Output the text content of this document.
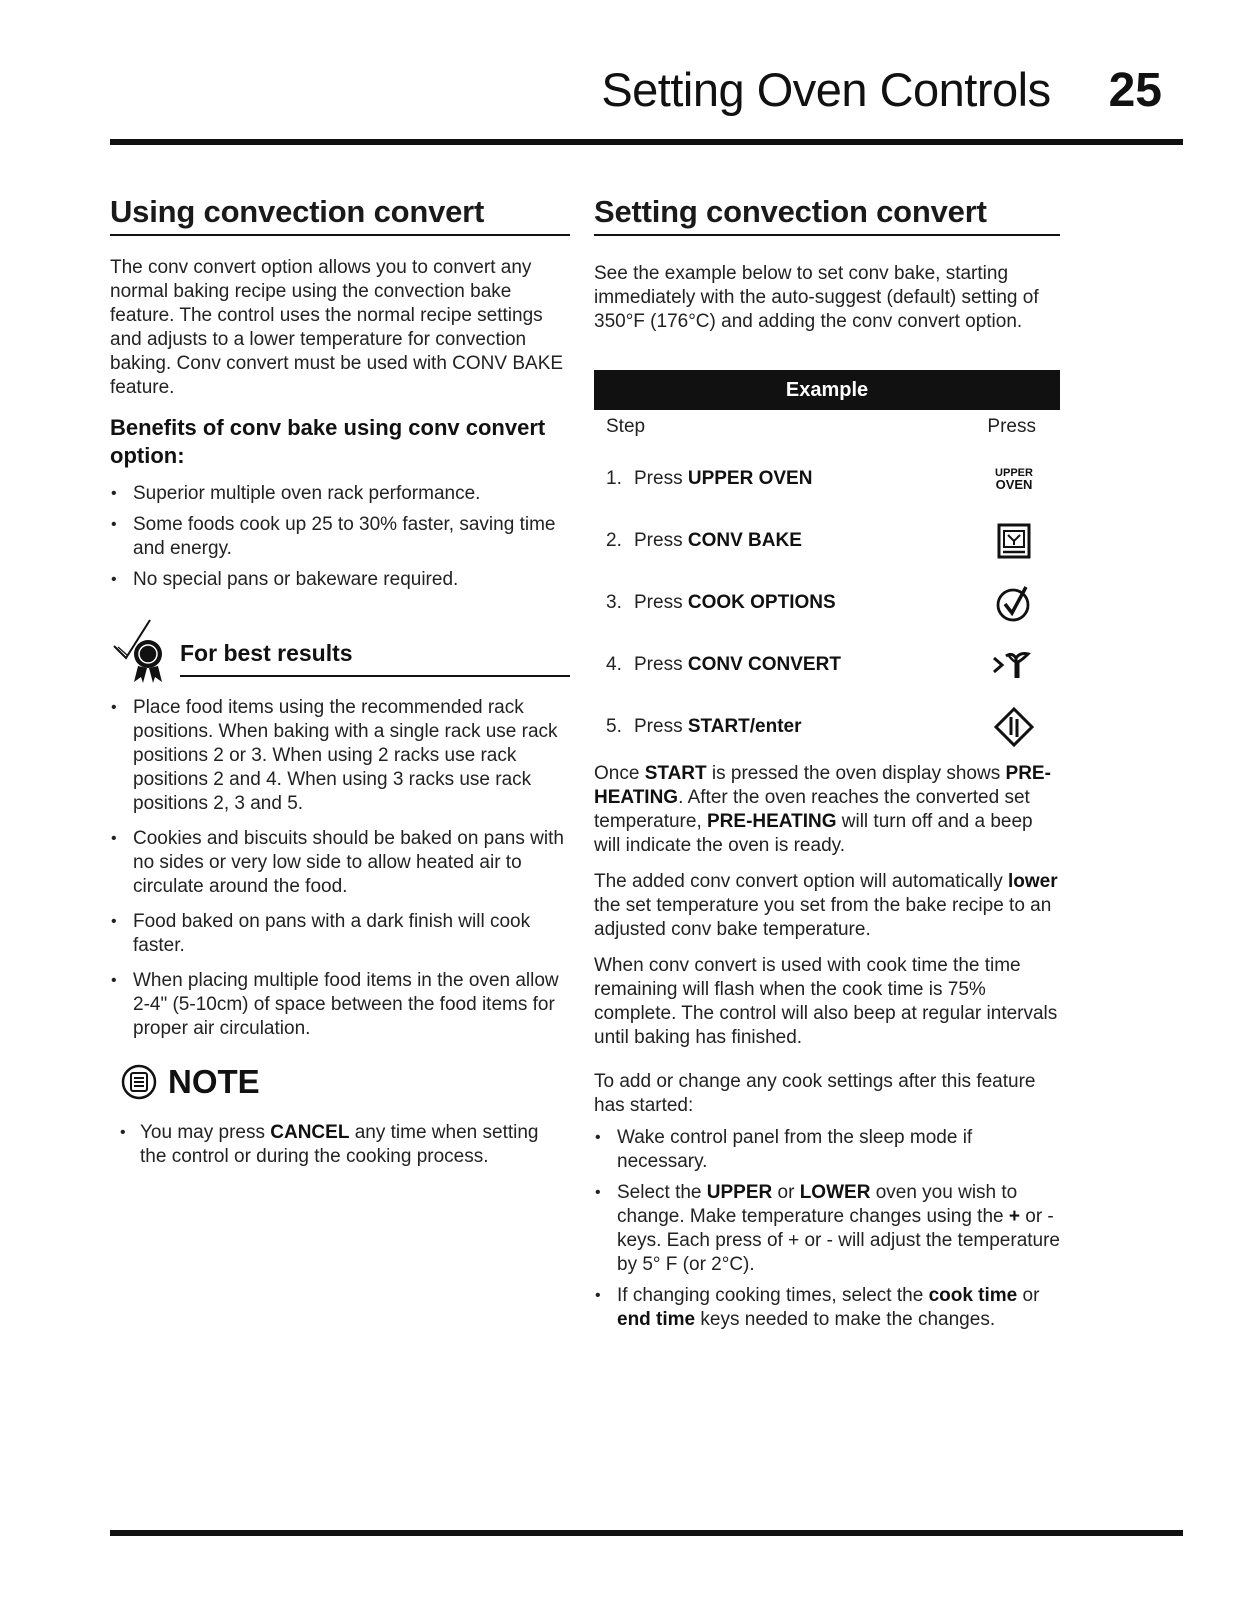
Setting Oven Controls 25
Using convection convert

The conv convert option allows you to convert any normal baking recipe using the convection bake feature. The control uses the normal recipe settings and adjusts to a lower temperature for convection baking. Conv convert must be used with CONV BAKE feature.

Benefits of conv bake using conv convert option:
• Superior multiple oven rack performance.
• Some foods cook up 25 to 30% faster, saving time and energy.
• No special pans or bakeware required.
For best results
• Place food items using the recommended rack positions. When baking with a single rack use rack positions 2 or 3. When using 2 racks use rack positions 2 and 4. When using 3 racks use rack positions 2, 3 and 5.
• Cookies and biscuits should be baked on pans with no sides or very low side to allow heated air to circulate around the food.
• Food baked on pans with a dark finish will cook faster.
• When placing multiple food items in the oven allow 2-4" (5-10cm) of space between the food items for proper air circulation.
NOTE
• You may press CANCEL any time when setting the control or during the cooking process.
Setting convection convert

See the example below to set conv bake, starting immediately with the auto-suggest (default) setting of 350°F (176°C) and adding the conv convert option.

Example
Step	Press
1. Press UPPER OVEN	UPPER
OVEN
2. Press CONV BAKE
3. Press COOK OPTIONS
4. Press CONV CONVERT
5. Press START/enter

Once START is pressed the oven display shows PRE-HEATING. After the oven reaches the converted set temperature, PRE-HEATING will turn off and a beep will indicate the oven is ready.

The added conv convert option will automatically lower the set temperature you set from the bake recipe to an adjusted conv bake temperature.

When conv convert is used with cook time the time remaining will flash when the cook time is 75% complete. The control will also beep at regular intervals until baking has finished.

To add or change any cook settings after this feature has started:

• Wake control panel from the sleep mode if necessary.
• Select the UPPER or LOWER oven you wish to change. Make temperature changes using the + or - keys. Each press of + or - will adjust the temperature by 5° F (or 2°C).
• If changing cooking times, select the cook time or end time keys needed to make the changes.
